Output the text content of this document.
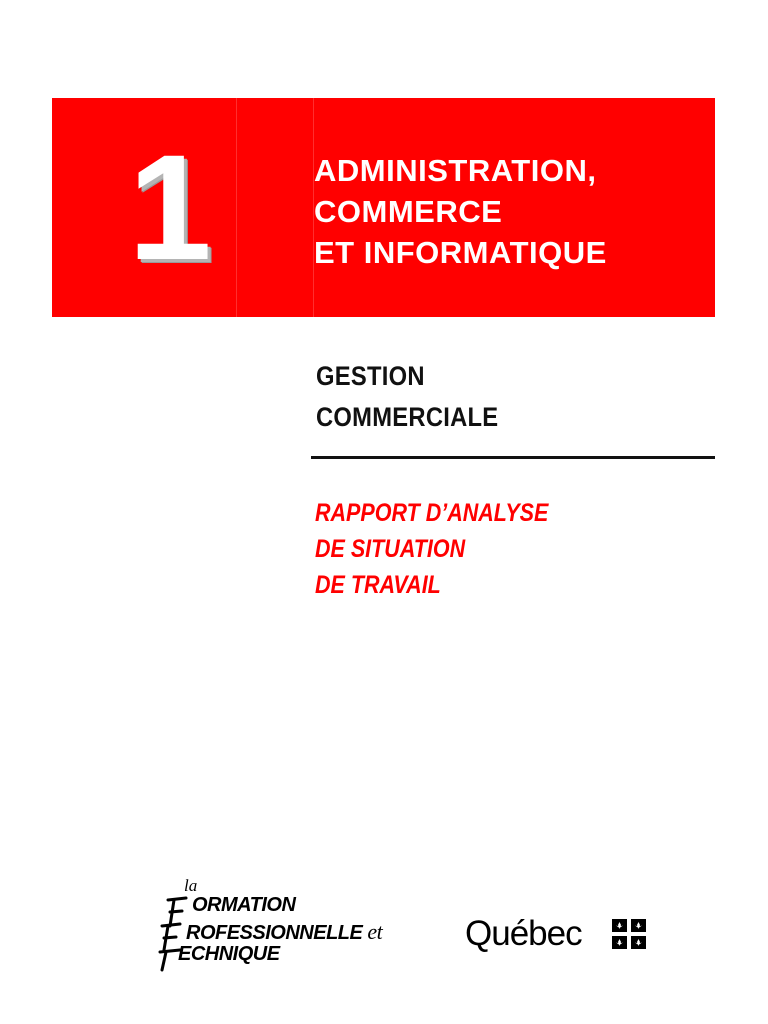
1	ADMINISTRATION,
COMMERCE
ET INFORMATIQUE
GESTION
COMMERCIALE
RAPPORT D’ANALYSE
DE SITUATION
DE TRAVAIL
la
ORMATION
ROFESSIONNELLE et
ECHNIQUE
Québec
